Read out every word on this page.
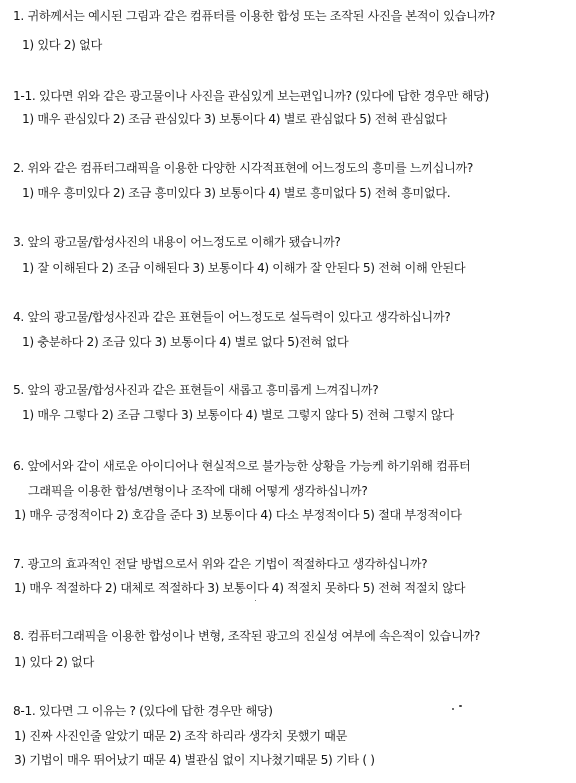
1. 귀하께서는 예시된 그림과 같은 컴퓨터를 이용한 합성 또는 조작된 사진을 본적이 있습니까?
1) 있다 2) 없다
1-1. 있다면 위와 같은 광고물이나 사진을 관심있게 보는편입니까? (있다에 답한 경우만 해당)
1) 매우 관심있다 2) 조금 관심있다 3) 보통이다 4) 별로 관심없다 5) 전혀 관심없다
2. 위와 같은 컴퓨터그래픽을 이용한 다양한 시각적표현에 어느정도의 흥미를 느끼십니까?
1) 매우 흥미있다 2) 조금 흥미있다 3) 보통이다 4) 별로 흥미없다 5) 전혀 흥미없다.
3. 앞의 광고물/합성사진의 내용이 어느정도로 이해가 됐습니까?
1) 잘 이해된다 2) 조금 이해된다 3) 보통이다 4) 이해가 잘 안된다 5) 전혀 이해 안된다
4. 앞의 광고물/합성사진과 같은 표현들이 어느정도로 설득력이 있다고 생각하십니까?
1) 충분하다 2) 조금 있다 3) 보통이다 4) 별로 없다 5)전혀 없다
5. 앞의 광고물/합성사진과 같은 표현들이 새롭고 흥미롭게 느껴집니까?
1) 매우 그렇다 2) 조금 그렇다 3) 보통이다 4) 별로 그렇지 않다 5) 전혀 그렇지 않다
6. 앞에서와 같이 새로운 아이디어나 현실적으로 불가능한 상황을 가능케 하기위해 컴퓨터
그래픽을 이용한 합성/변형이나 조작에 대해 어떻게 생각하십니까?
1) 매우 긍정적이다 2) 호감을 준다 3) 보통이다 4) 다소 부정적이다 5) 절대 부정적이다
7. 광고의 효과적인 전달 방법으로서 위와 같은 기법이 적절하다고 생각하십니까?
1) 매우 적절하다 2) 대체로 적절하다 3) 보통이다 4) 적절치 못하다 5) 전혀 적절치 않다
8. 컴퓨터그래픽을 이용한 합성이나 변형, 조작된 광고의 진실성 여부에 속은적이 있습니까?
1) 있다 2) 없다
8-1. 있다면 그 이유는 ? (있다에 답한 경우만 해당)
1) 진짜 사진인줄 알았기 때문 2) 조작 하리라 생각치 못했기 때문
3) 기법이 매우 뛰어났기 때문 4) 별관심 없이 지나쳤기때문 5) 기타 ( )
